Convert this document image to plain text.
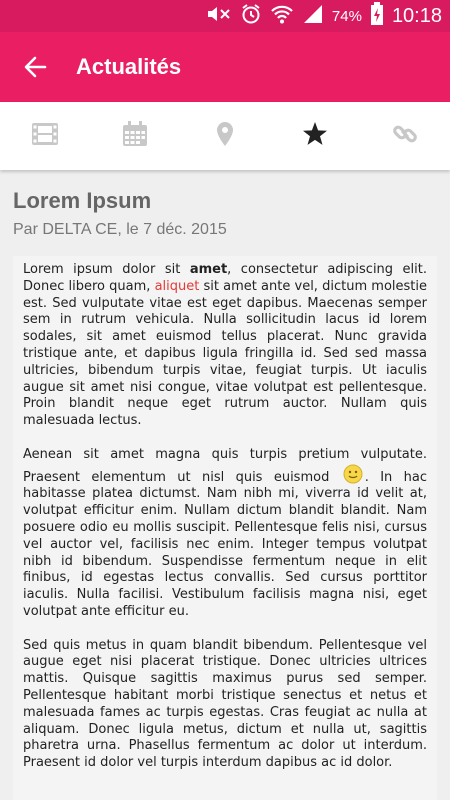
74% 10:18
Actualités
Lorem Ipsum
Par DELTA CE, le 7 déc. 2015

Lorem ipsum dolor sit amet, consectetur adipiscing elit. Donec libero quam, aliquet sit amet ante vel, dictum molestie est. Sed vulputate vitae est eget dapibus. Maecenas semper sem in rutrum vehicula. Nulla sollicitudin lacus id lorem sodales, sit amet euismod tellus placerat. Nunc gravida tristique ante, et dapibus ligula fringilla id. Sed sed massa ultricies, bibendum turpis vitae, feugiat turpis. Ut iaculis augue sit amet nisi congue, vitae volutpat est pellentesque. Proin blandit neque eget rutrum auctor. Nullam quis malesuada lectus.

Aenean sit amet magna quis turpis pretium vulputate. Praesent elementum ut nisl quis euismod . In hac habitasse platea dictumst. Nam nibh mi, viverra id velit at, volutpat efficitur enim. Nullam dictum blandit blandit. Nam posuere odio eu mollis suscipit. Pellentesque felis nisi, cursus vel auctor vel, facilisis nec enim. Integer tempus volutpat nibh id bibendum. Suspendisse fermentum neque in elit finibus, id egestas lectus convallis. Sed cursus porttitor iaculis. Nulla facilisi. Vestibulum facilisis magna nisi, eget volutpat ante efficitur eu.

Sed quis metus in quam blandit bibendum. Pellentesque vel augue eget nisi placerat tristique. Donec ultricies ultrices mattis. Quisque sagittis maximus purus sed semper. Pellentesque habitant morbi tristique senectus et netus et malesuada fames ac turpis egestas. Cras feugiat ac nulla at aliquam. Donec ligula metus, dictum et nulla ut, sagittis pharetra urna. Phasellus fermentum ac dolor ut interdum. Praesent id dolor vel turpis interdum dapibus ac id dolor.
